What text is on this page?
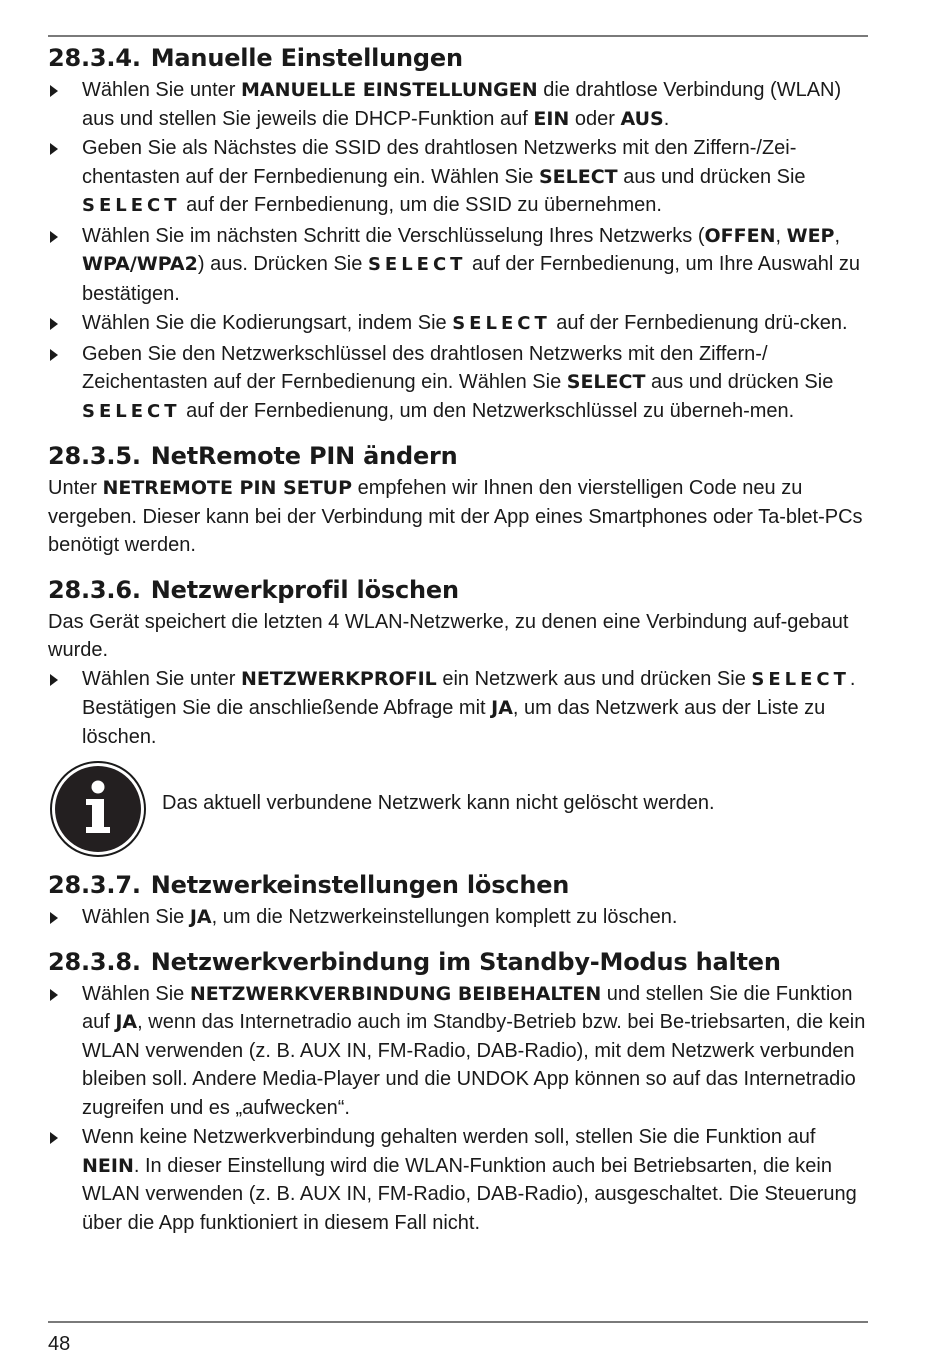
28.3.4. Manuelle Einstellungen
Wählen Sie unter MANUELLE EINSTELLUNGEN die drahtlose Verbindung (WLAN) aus und stellen Sie jeweils die DHCP-Funktion auf EIN oder AUS.
Geben Sie als Nächstes die SSID des drahtlosen Netzwerks mit den Ziffern-/Zei-chentasten auf der Fernbedienung ein. Wählen Sie SELECT aus und drücken Sie SELECT auf der Fernbedienung, um die SSID zu übernehmen.
Wählen Sie im nächsten Schritt die Verschlüsselung Ihres Netzwerks (OFFEN, WEP, WPA/WPA2) aus. Drücken Sie SELECT auf der Fernbedienung, um Ihre Auswahl zu bestätigen.
Wählen Sie die Kodierungsart, indem Sie SELECT auf der Fernbedienung drü-cken.
Geben Sie den Netzwerkschlüssel des drahtlosen Netzwerks mit den Ziffern-/ Zeichentasten auf der Fernbedienung ein. Wählen Sie SELECT aus und drücken Sie SELECT auf der Fernbedienung, um den Netzwerkschlüssel zu überneh-men.
28.3.5. NetRemote PIN ändern

Unter NETREMOTE PIN SETUP empfehen wir Ihnen den vierstelligen Code neu zu vergeben. Dieser kann bei der Verbindung mit der App eines Smartphones oder Ta-blet-PCs benötigt werden.

28.3.6. Netzwerkprofil löschen

Das Gerät speichert die letzten 4 WLAN-Netzwerke, zu denen eine Verbindung auf-gebaut wurde.

Wählen Sie unter NETZWERKPROFIL ein Netzwerk aus und drücken Sie SELECT. Bestätigen Sie die anschließende Abfrage mit JA, um das Netzwerk aus der Liste zu löschen.
Das aktuell verbundene Netzwerk kann nicht gelöscht werden.
28.3.7. Netzwerkeinstellungen löschen
Wählen Sie JA, um die Netzwerkeinstellungen komplett zu löschen.
28.3.8. Netzwerkverbindung im Standby-Modus halten
Wählen Sie NETZWERKVERBINDUNG BEIBEHALTEN und stellen Sie die Funktion auf JA, wenn das Internetradio auch im Standby-Betrieb bzw. bei Be-triebsarten, die kein WLAN verwenden (z. B. AUX IN, FM-Radio, DAB-Radio), mit dem Netzwerk verbunden bleiben soll. Andere Media-Player und die UNDOK App können so auf das Internetradio zugreifen und es „aufwecken“.
Wenn keine Netzwerkverbindung gehalten werden soll, stellen Sie die Funktion auf NEIN. In dieser Einstellung wird die WLAN-Funktion auch bei Betriebsarten, die kein WLAN verwenden (z. B. AUX IN, FM-Radio, DAB-Radio), ausgeschaltet. Die Steuerung über die App funktioniert in diesem Fall nicht.
48
